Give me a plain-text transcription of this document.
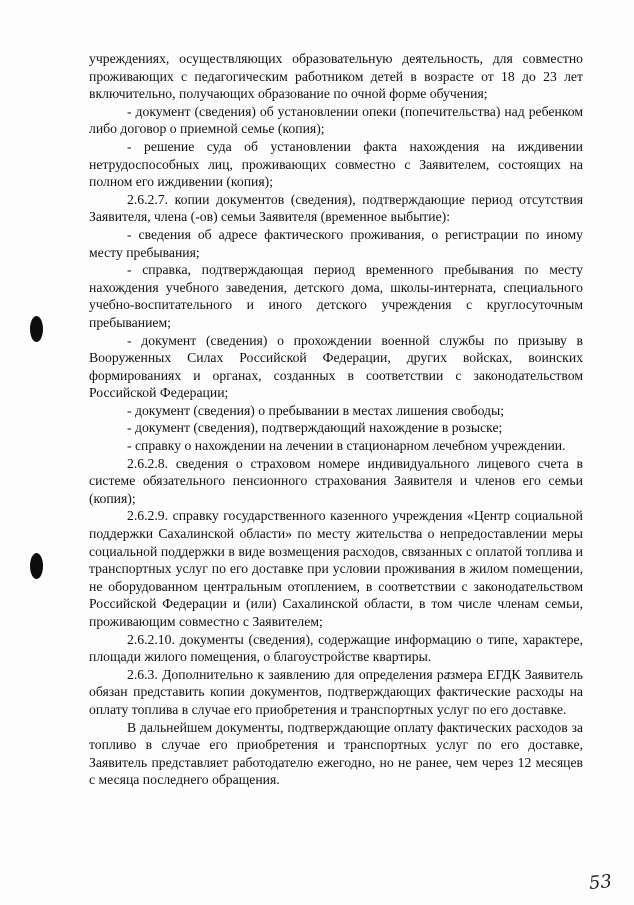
учреждениях, осуществляющих образовательную деятельность, для совместно проживающих с педагогическим работником детей в возрасте от 18 до 23 лет включительно, получающих образование по очной форме обучения;

- документ (сведения) об установлении опеки (попечительства) над ребенком либо договор о приемной семье (копия);

- решение суда об установлении факта нахождения на иждивении нетрудоспособных лиц, проживающих совместно с Заявителем, состоящих на полном его иждивении (копия);

2.6.2.7. копии документов (сведения), подтверждающие период отсутствия Заявителя, члена (-ов) семьи Заявителя (временное выбытие):

- сведения об адресе фактического проживания, о регистрации по иному месту пребывания;

- справка, подтверждающая период временного пребывания по месту нахождения учебного заведения, детского дома, школы-интерната, специального учебно-воспитательного и иного детского учреждения с круглосуточным пребыванием;

- документ (сведения) о прохождении военной службы по призыву в Вооруженных Силах Российской Федерации, других войсках, воинских формированиях и органах, созданных в соответствии с законодательством Российской Федерации;

- документ (сведения) о пребывании в местах лишения свободы;

- документ (сведения), подтверждающий нахождение в розыске;

- справку о нахождении на лечении в стационарном лечебном учреждении.

2.6.2.8. сведения о страховом номере индивидуального лицевого счета в системе обязательного пенсионного страхования Заявителя и членов его семьи (копия);

2.6.2.9. справку государственного казенного учреждения «Центр социальной поддержки Сахалинской области» по месту жительства о непредоставлении меры социальной поддержки в виде возмещения расходов, связанных с оплатой топлива и транспортных услуг по его доставке при условии проживания в жилом помещении, не оборудованном центральным отоплением, в соответствии с законодательством Российской Федерации и (или) Сахалинской области, в том числе членам семьи, проживающим совместно с Заявителем;

2.6.2.10. документы (сведения), содержащие информацию о типе, характере, площади жилого помещения, о благоустройстве квартиры.

2.6.3. Дополнительно к заявлению для определения размера ЕГДК Заявитель обязан представить копии документов, подтверждающих фактические расходы на оплату топлива в случае его приобретения и транспортных услуг по его доставке.

В дальнейшем документы, подтверждающие оплату фактических расходов за топливо в случае его приобретения и транспортных услуг по его доставке, Заявитель представляет работодателю ежегодно, но не ранее, чем через 12 месяцев с месяца последнего обращения.

53
